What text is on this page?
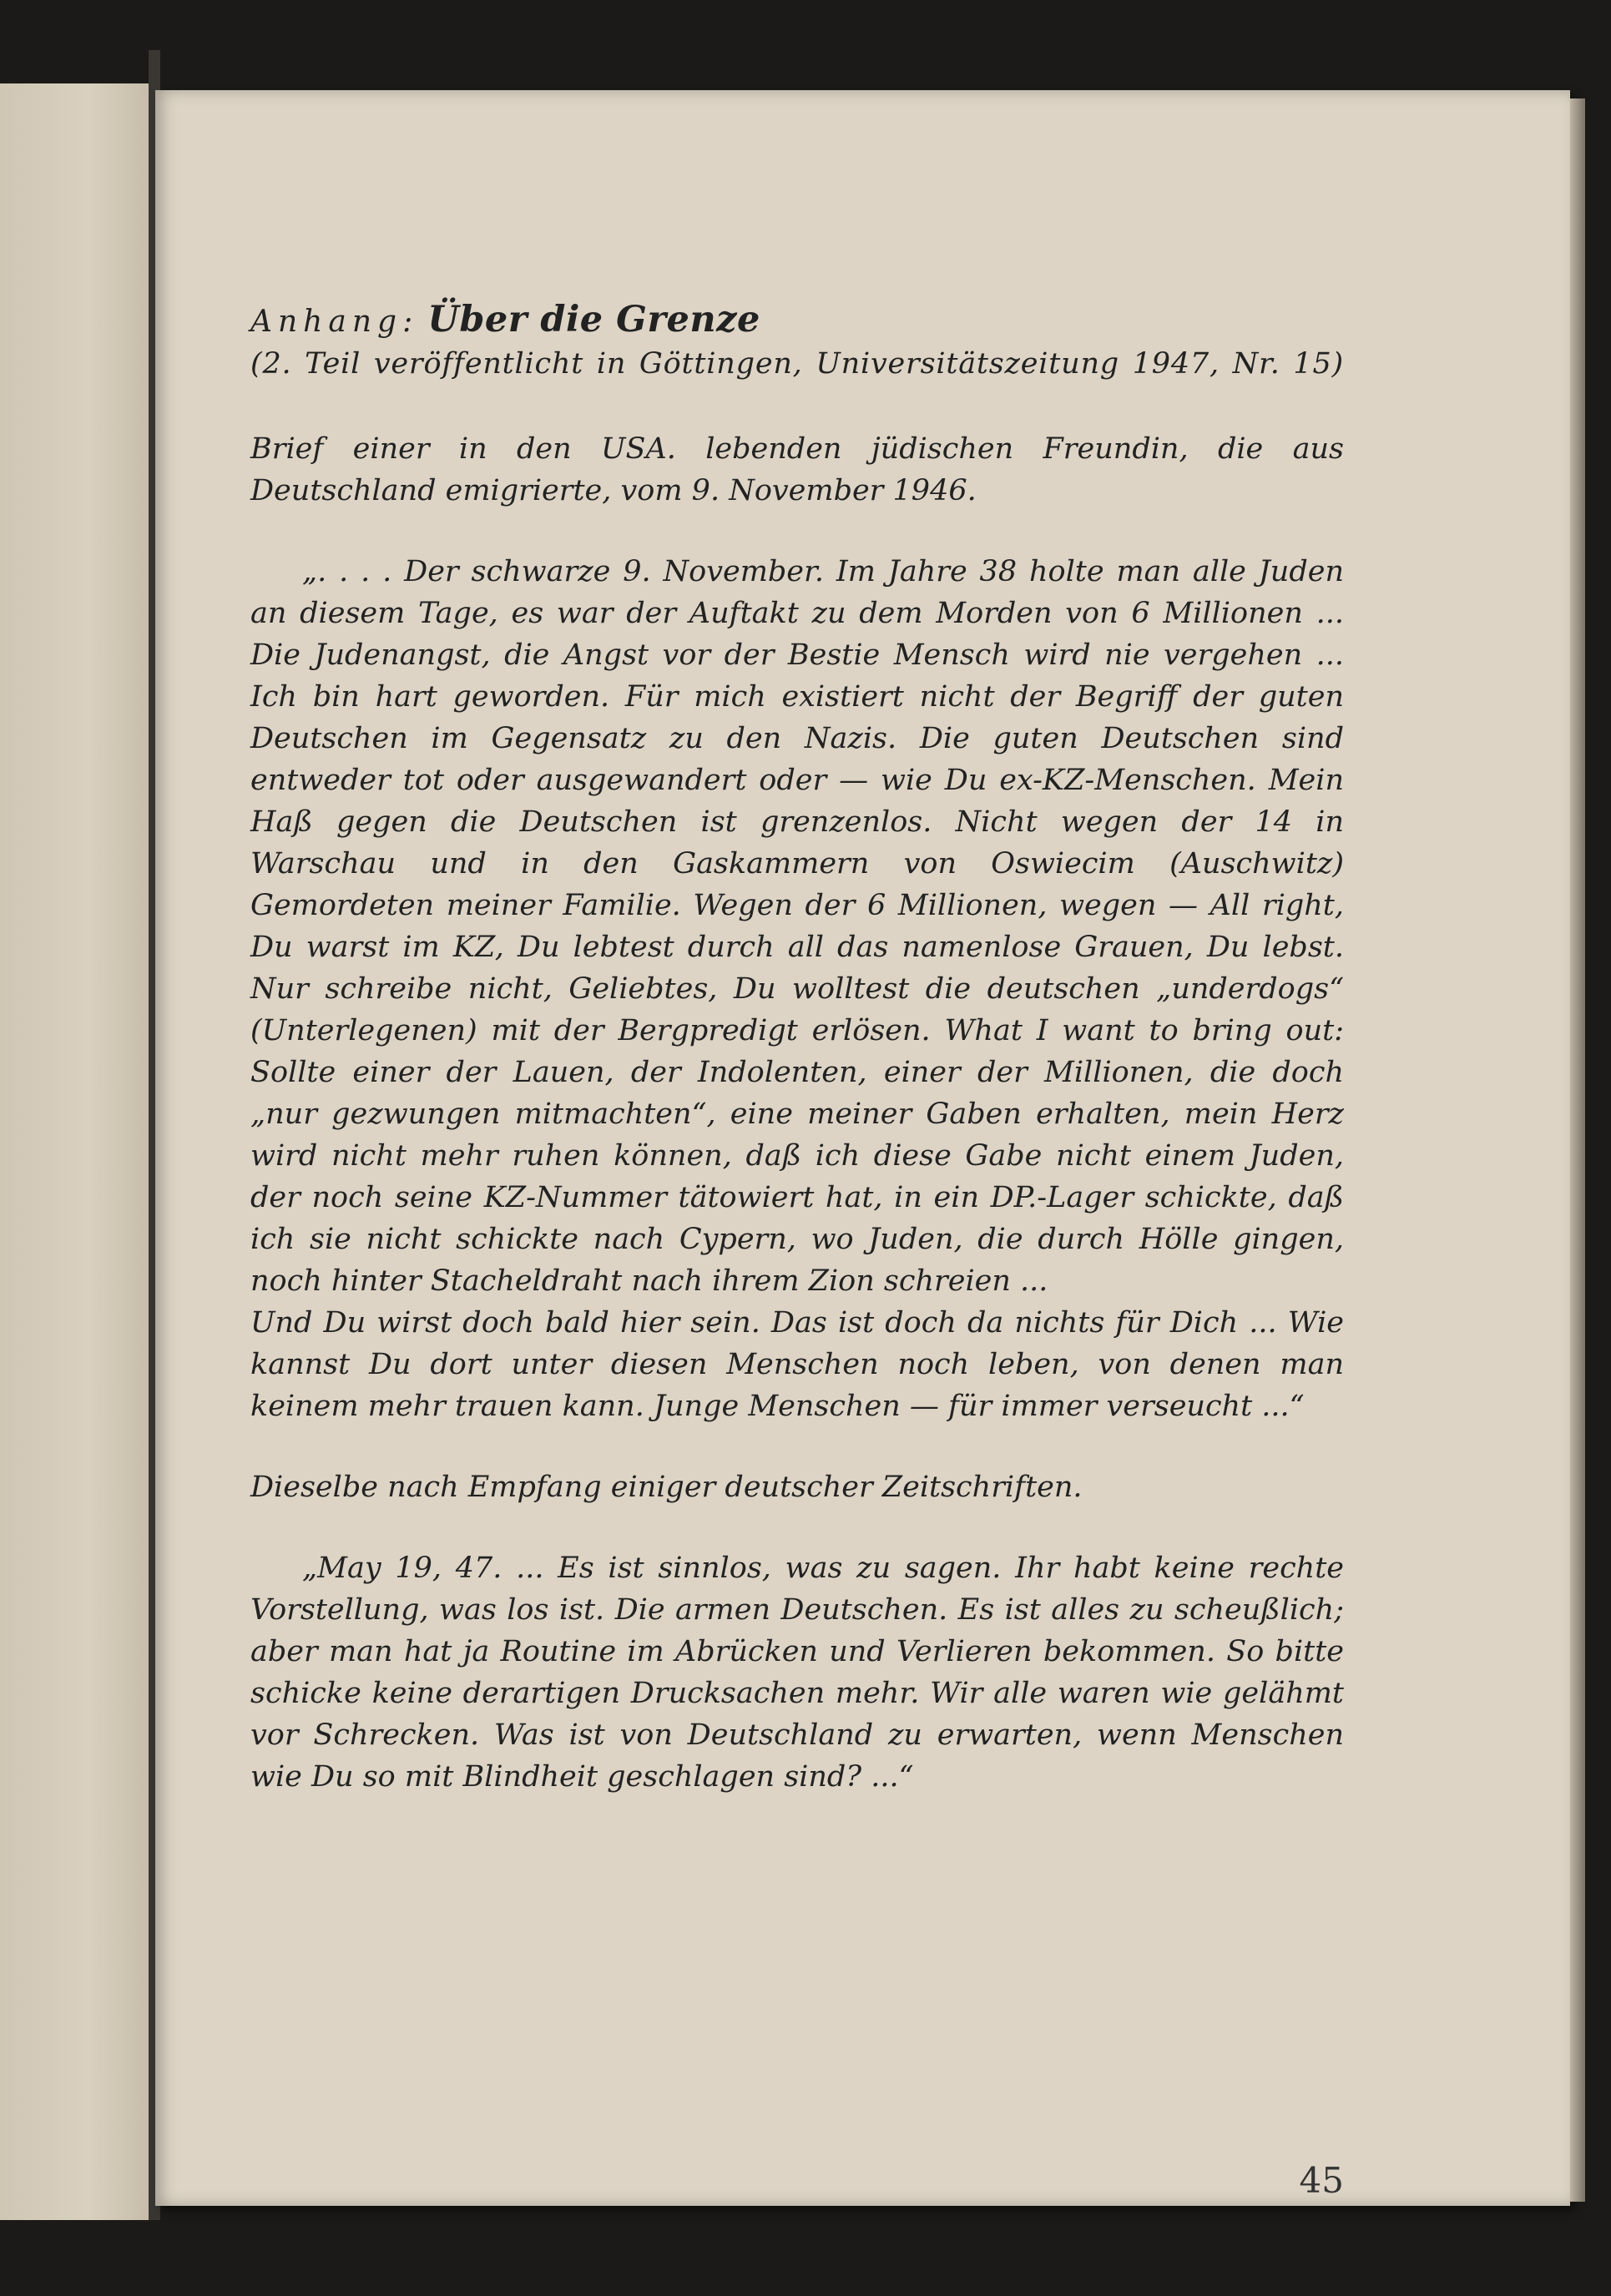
Anhang: Über die Grenze

(2. Teil veröffentlicht in Göttingen, Universitätszeitung 1947, Nr. 15)

Brief einer in den USA. lebenden jüdischen Freundin, die aus Deutschland emigrierte, vom 9. November 1946.

„. . . . Der schwarze 9. November. Im Jahre 38 holte man alle Juden an diesem Tage, es war der Auftakt zu dem Morden von 6 Millionen ... Die Judenangst, die Angst vor der Bestie Mensch wird nie vergehen ... Ich bin hart geworden. Für mich existiert nicht der Begriff der guten Deutschen im Gegensatz zu den Nazis. Die guten Deutschen sind entweder tot oder ausgewandert oder — wie Du ex-KZ-Menschen. Mein Haß gegen die Deutschen ist grenzenlos. Nicht wegen der 14 in Warschau und in den Gaskammern von Oswiecim (Auschwitz) Gemordeten meiner Familie. Wegen der 6 Millionen, wegen — All right, Du warst im KZ, Du lebtest durch all das namenlose Grauen, Du lebst. Nur schreibe nicht, Geliebtes, Du wolltest die deutschen „underdogs“ (Unterlegenen) mit der Bergpredigt erlösen. What I want to bring out: Sollte einer der Lauen, der Indolenten, einer der Millionen, die doch „nur gezwungen mitmachten“, eine meiner Gaben erhalten, mein Herz wird nicht mehr ruhen können, daß ich diese Gabe nicht einem Juden, der noch seine KZ-Nummer tätowiert hat, in ein DP.-Lager schickte, daß ich sie nicht schickte nach Cypern, wo Juden, die durch Hölle gingen, noch hinter Stacheldraht nach ihrem Zion schreien ...

Und Du wirst doch bald hier sein. Das ist doch da nichts für Dich ... Wie kannst Du dort unter diesen Menschen noch leben, von denen man keinem mehr trauen kann. Junge Menschen — für immer verseucht ...“

Dieselbe nach Empfang einiger deutscher Zeitschriften.

„May 19, 47. ... Es ist sinnlos, was zu sagen. Ihr habt keine rechte Vorstellung, was los ist. Die armen Deutschen. Es ist alles zu scheußlich; aber man hat ja Routine im Abrücken und Verlieren bekommen. So bitte schicke keine derartigen Drucksachen mehr. Wir alle waren wie gelähmt vor Schrecken. Was ist von Deutschland zu erwarten, wenn Menschen wie Du so mit Blindheit geschlagen sind? ...“

45
